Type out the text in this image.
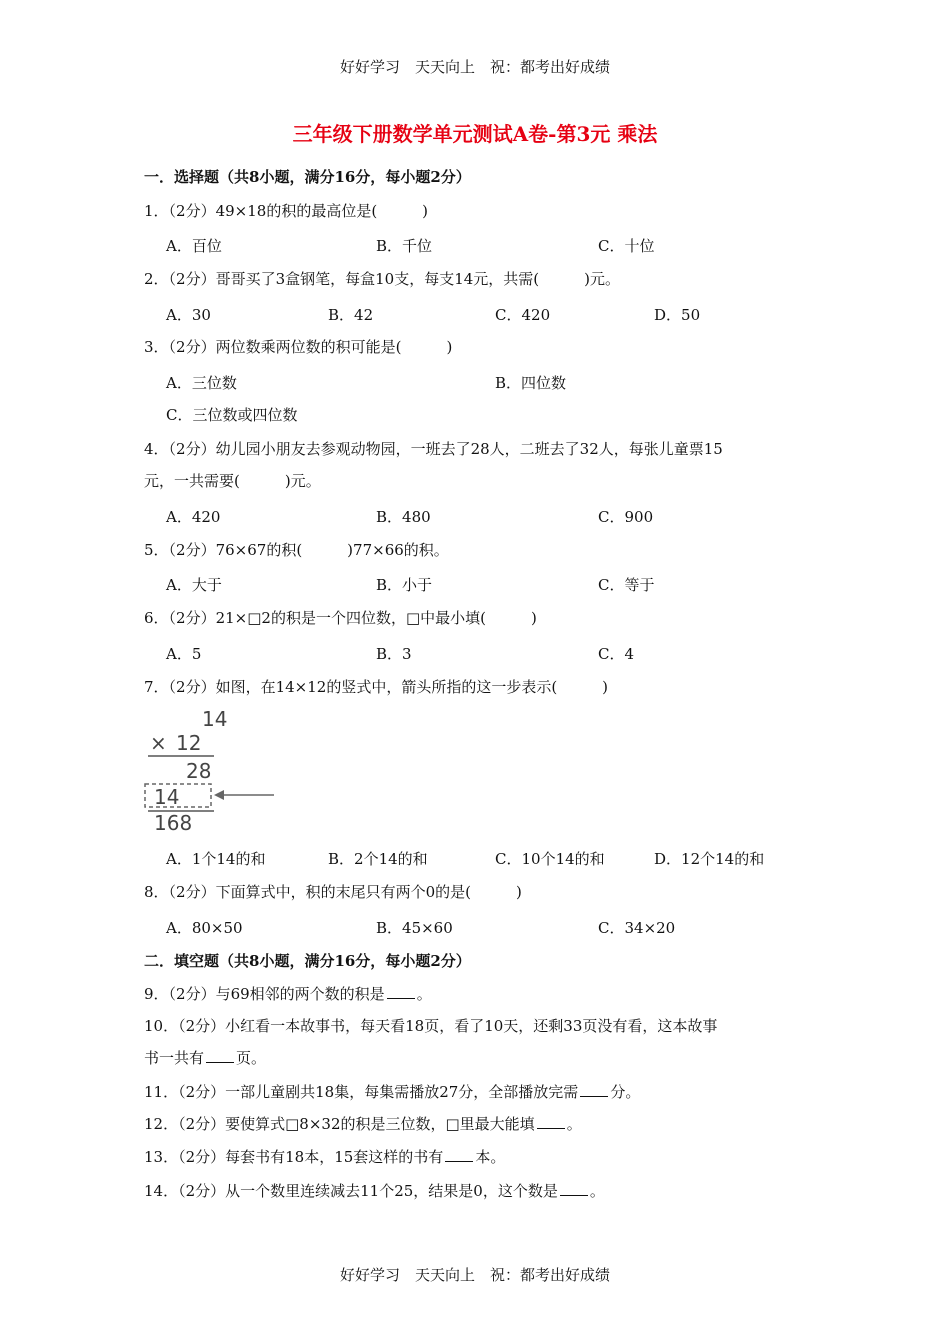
好好学习　天天向上　祝：都考出好成绩
三年级下册数学单元测试A卷-第3元 乘法
一．选择题（共8小题，满分16分，每小题2分）
1．（2分）49×18的积的最高位是(　　　)
A．百位	B．千位	C．十位
2．（2分）哥哥买了3盒钢笔，每盒10支，每支14元，共需(　　　)元。
A．30	B．42	C．420	D．50
3．（2分）两位数乘两位数的积可能是(　　　)
A．三位数	B．四位数
C．三位数或四位数
4．（2分）幼儿园小朋友去参观动物园，一班去了28人，二班去了32人，每张儿童票15
元，一共需要(　　　)元。
A．420	B．480	C．900
5．（2分）76×67的积(　　　)77×66的积。
A．大于	B．小于	C．等于
6．（2分）21×□2的积是一个四位数，□中最小填(　　　)
A．5	B．3	C．4
7．（2分）如图，在14×12的竖式中，箭头所指的这一步表示(　　　)
14
× 12
28
14
168
A．1个14的和	B．2个14的和	C．10个14的和	D．12个14的和
8．（2分）下面算式中，积的末尾只有两个0的是(　　　)
A．80×50	B．45×60	C．34×20
二．填空题（共8小题，满分16分，每小题2分）
9．（2分）与69相邻的两个数的积是 。
10．（2分）小红看一本故事书，每天看18页，看了10天，还剩33页没有看，这本故事
书一共有 页。
11．（2分）一部儿童剧共18集，每集需播放27分，全部播放完需 分。
12．（2分）要使算式□8×32的积是三位数，□里最大能填 。
13．（2分）每套书有18本，15套这样的书有 本。
14．（2分）从一个数里连续减去11个25，结果是0，这个数是 。
好好学习　天天向上　祝：都考出好成绩
